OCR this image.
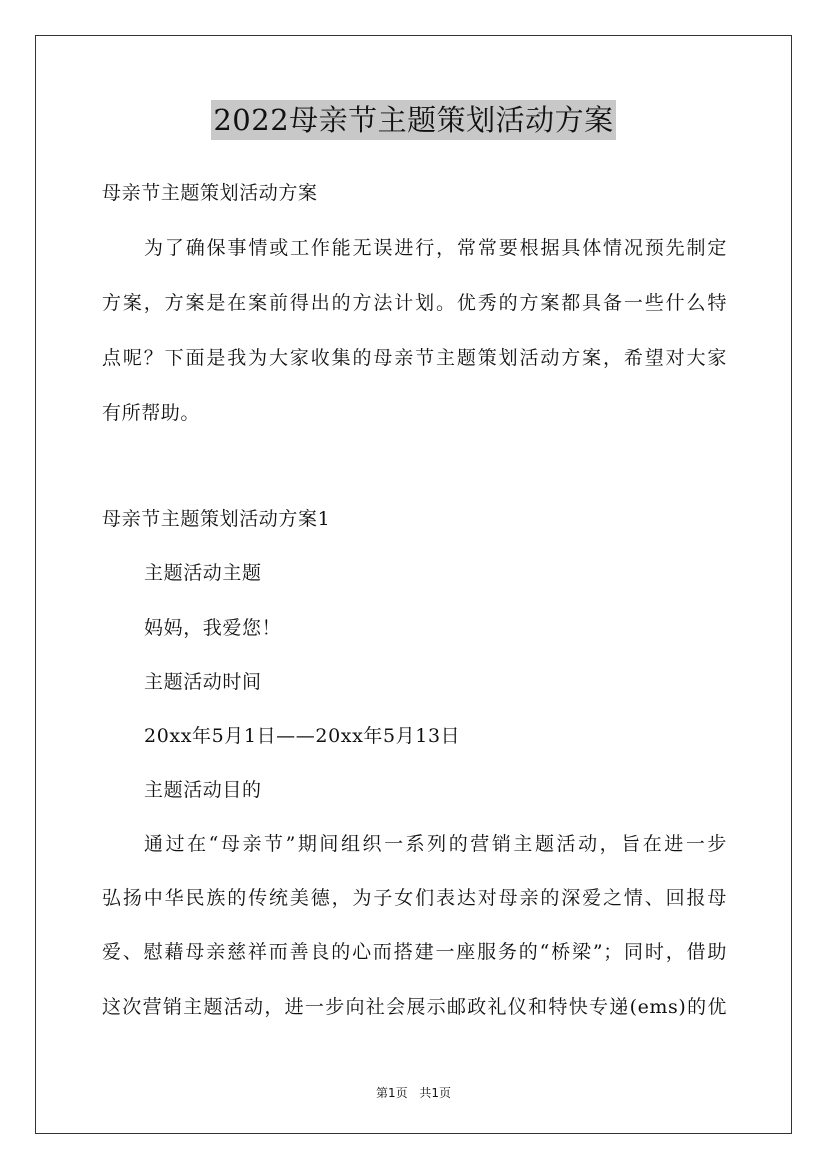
2022母亲节主题策划活动方案
母亲节主题策划活动方案
为了确保事情或工作能无误进行，常常要根据具体情况预先制定
方案，方案是在案前得出的方法计划。优秀的方案都具备一些什么特
点呢？下面是我为大家收集的母亲节主题策划活动方案，希望对大家
有所帮助。
母亲节主题策划活动方案1
主题活动主题
妈妈，我爱您！
主题活动时间
20xx年5月1日——20xx年5月13日
主题活动目的
通过在“母亲节”期间组织一系列的营销主题活动，旨在进一步
弘扬中华民族的传统美德，为子女们表达对母亲的深爱之情、回报母
爱、慰藉母亲慈祥而善良的心而搭建一座服务的“桥梁”；同时，借助
这次营销主题活动，进一步向社会展示邮政礼仪和特快专递(ems)的优
第1页 共1页
